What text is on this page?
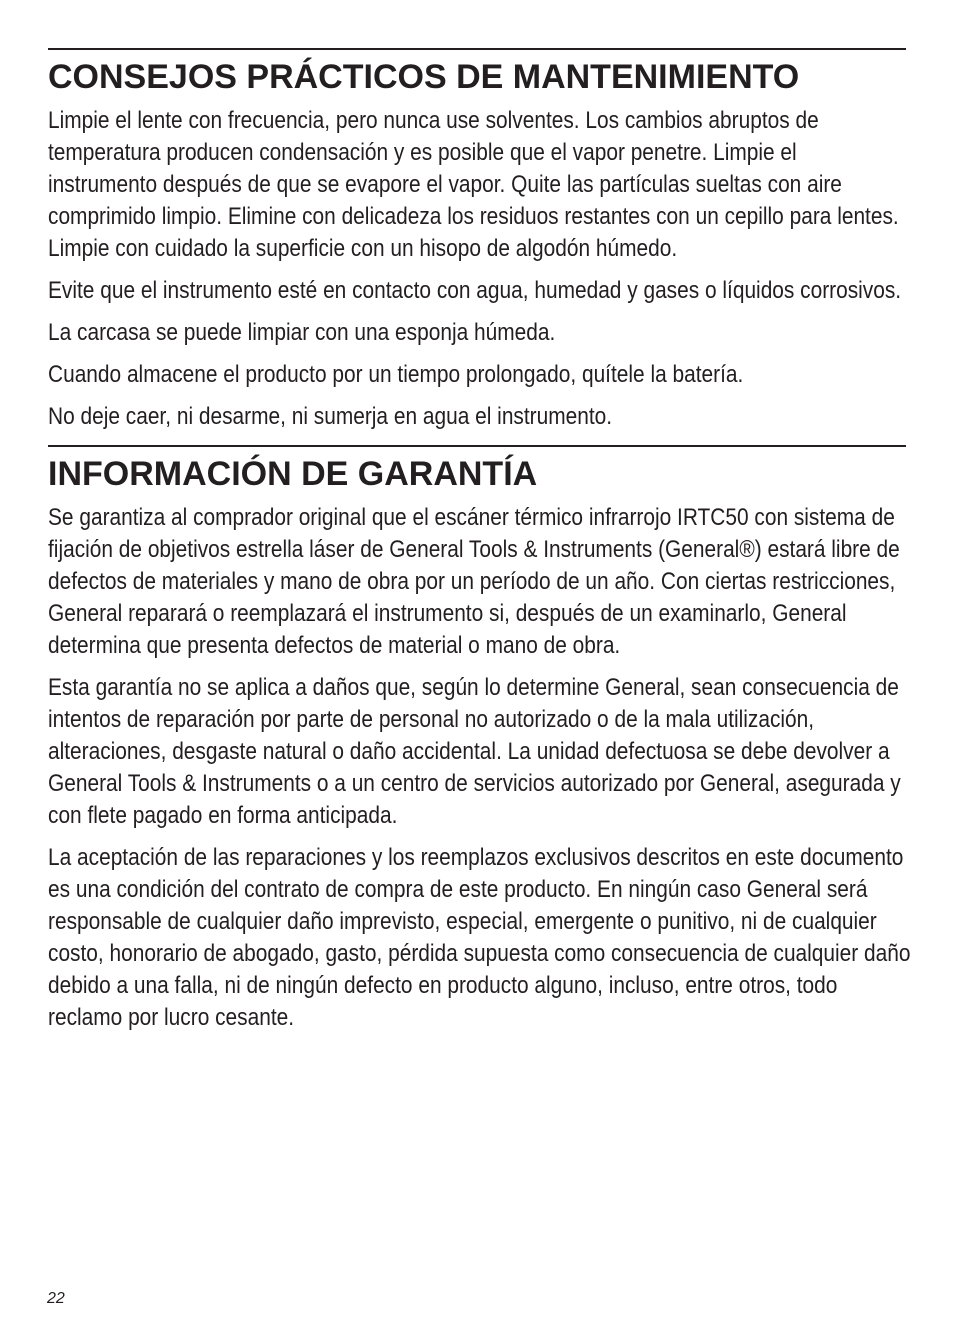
CONSEJOS PRÁCTICOS DE MANTENIMIENTO

Limpie el lente con frecuencia, pero nunca use solventes. Los cambios abruptos de temperatura producen condensación y es posible que el vapor penetre. Limpie el instrumento después de que se evapore el vapor. Quite las partículas sueltas con aire comprimido limpio. Elimine con delicadeza los residuos restantes con un cepillo para lentes. Limpie con cuidado la superficie con un hisopo de algodón húmedo.

Evite que el instrumento esté en contacto con agua, humedad y gases o líquidos corrosivos.

La carcasa se puede limpiar con una esponja húmeda.

Cuando almacene el producto por un tiempo prolongado, quítele la batería.

No deje caer, ni desarme, ni sumerja en agua el instrumento.

INFORMACIÓN DE GARANTÍA

Se garantiza al comprador original que el escáner térmico infrarrojo IRTC50 con sistema de fijación de objetivos estrella láser de General Tools & Instruments (General®) estará libre de defectos de materiales y mano de obra por un período de un año. Con ciertas restricciones, General reparará o reemplazará el instrumento si, después de un examinarlo, General determina que presenta defectos de material o mano de obra.

Esta garantía no se aplica a daños que, según lo determine General, sean consecuencia de intentos de reparación por parte de personal no autorizado o de la mala utilización, alteraciones, desgaste natural o daño accidental. La unidad defectuosa se debe devolver a General Tools & Instruments o a un centro de servicios autorizado por General, asegurada y con flete pagado en forma anticipada.

La aceptación de las reparaciones y los reemplazos exclusivos descritos en este documento es una condición del contrato de compra de este producto. En ningún caso General será responsable de cualquier daño imprevisto, especial, emergente o punitivo, ni de cualquier costo, honorario de abogado, gasto, pérdida supuesta como consecuencia de cualquier daño debido a una falla, ni de ningún defecto en producto alguno, incluso, entre otros, todo reclamo por lucro cesante.

22
